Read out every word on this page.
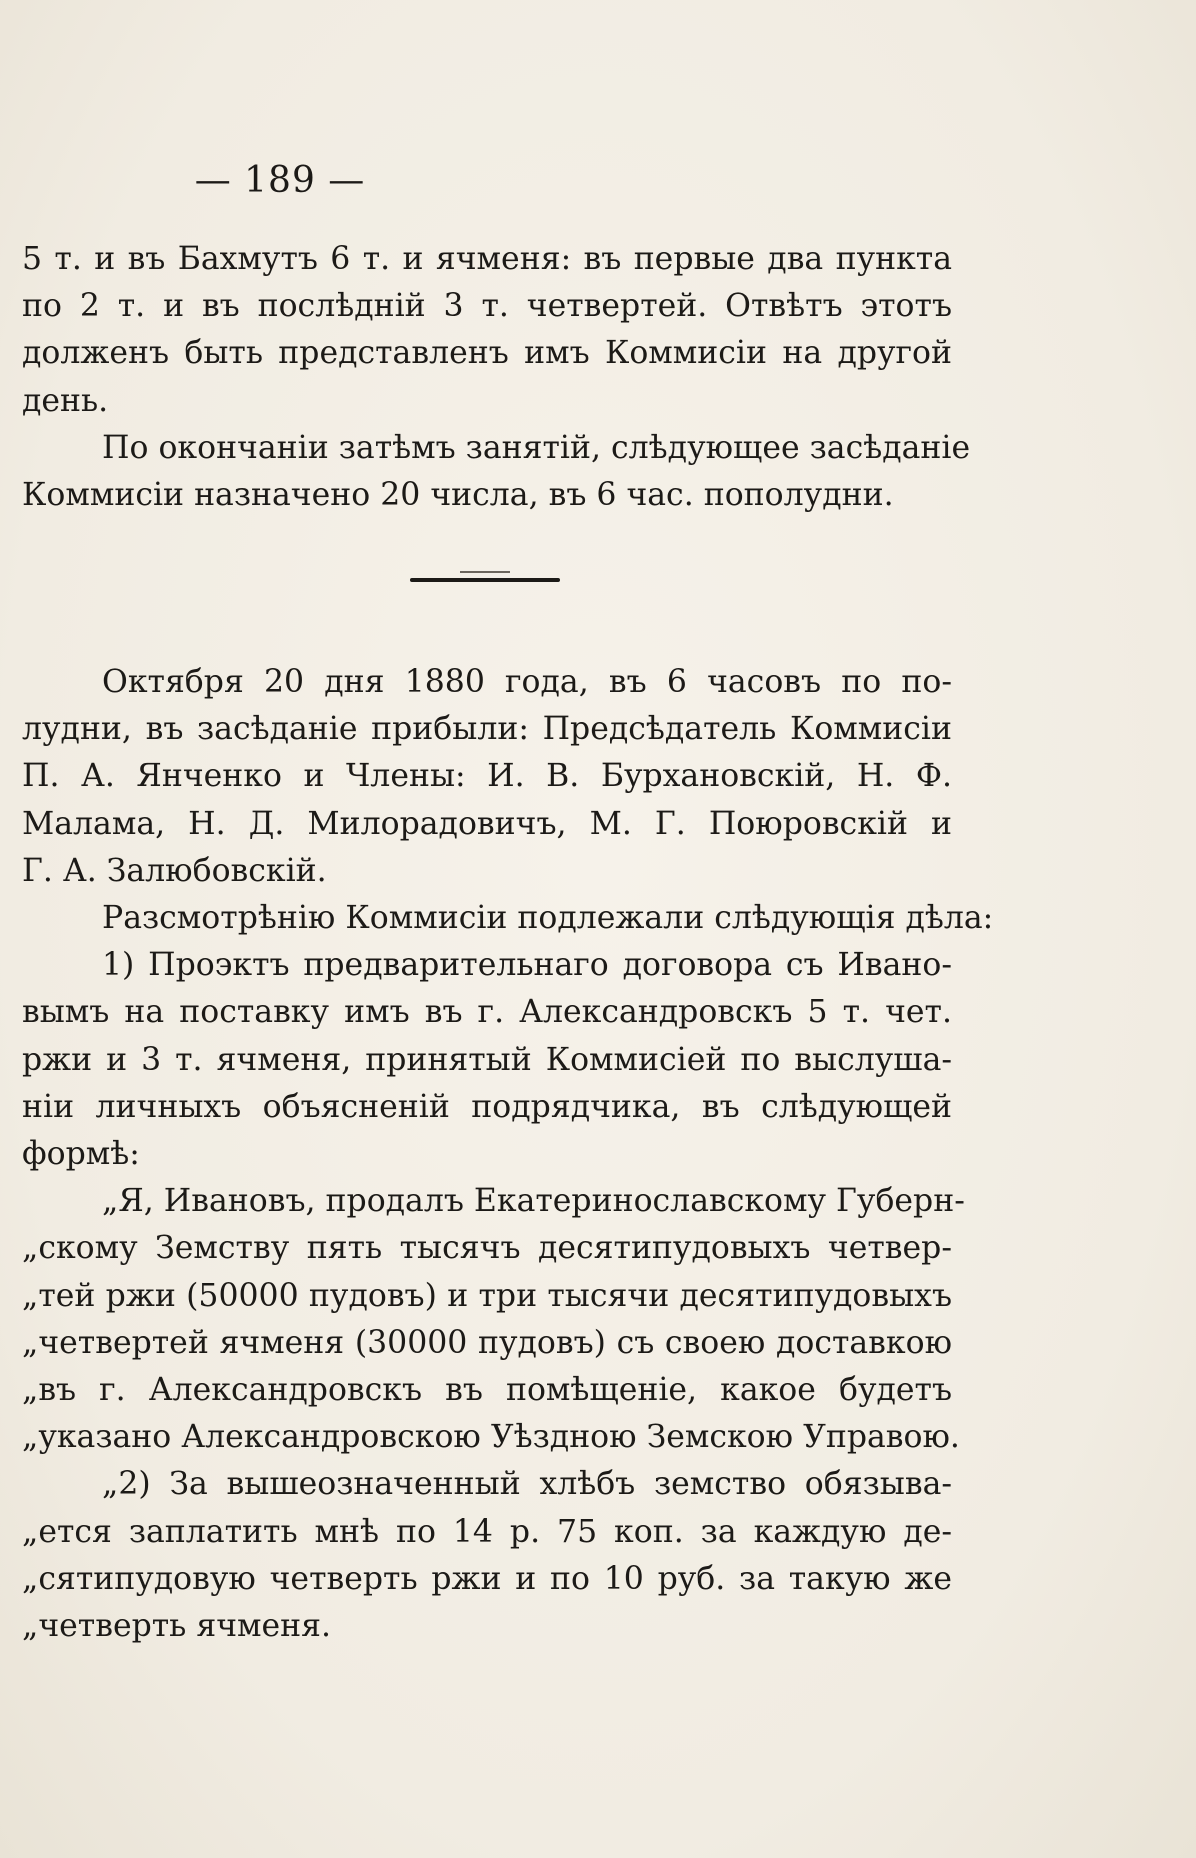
— 189 —
5 т. и въ Бахмутъ 6 т. и ячменя: въ первые два пункта
по 2 т. и въ послѣдній 3 т. четвертей. Отвѣтъ этотъ
долженъ быть представленъ имъ Коммисіи на другой
день.
По окончаніи затѣмъ занятій, слѣдующее засѣданіе
Коммисіи назначено 20 числа, въ 6 час. пополудни.
Октября 20 дня 1880 года, въ 6 часовъ по по-
лудни, въ засѣданіе прибыли: Предсѣдатель Коммисіи
П. А. Янченко и Члены: И. В. Бурхановскій, Н. Ф.
Малама, Н. Д. Милорадовичъ, М. Г. Поюровскій и
Г. А. Залюбовскій.
Разсмотрѣнію Коммисіи подлежали слѣдующія дѣла:
1) Проэктъ предварительнаго договора съ Ивано-
вымъ на поставку имъ въ г. Александровскъ 5 т. чет.
ржи и 3 т. ячменя, принятый Коммисіей по выслуша-
ніи личныхъ объясненій подрядчика, въ слѣдующей
формѣ:
„Я, Ивановъ, продалъ Екатеринославскому Губерн-
„скому Земству пять тысячъ десятипудовыхъ четвер-
„тей ржи (50000 пудовъ) и три тысячи десятипудовыхъ
„четвертей ячменя (30000 пудовъ) съ своею доставкою
„въ г. Александровскъ въ помѣщеніе, какое будетъ
„указано Александровскою Уѣздною Земскою Управою.
„2) За вышеозначенный хлѣбъ земство обязыва-
„ется заплатить мнѣ по 14 р. 75 коп. за каждую де-
„сятипудовую четверть ржи и по 10 руб. за такую же
„четверть ячменя.
